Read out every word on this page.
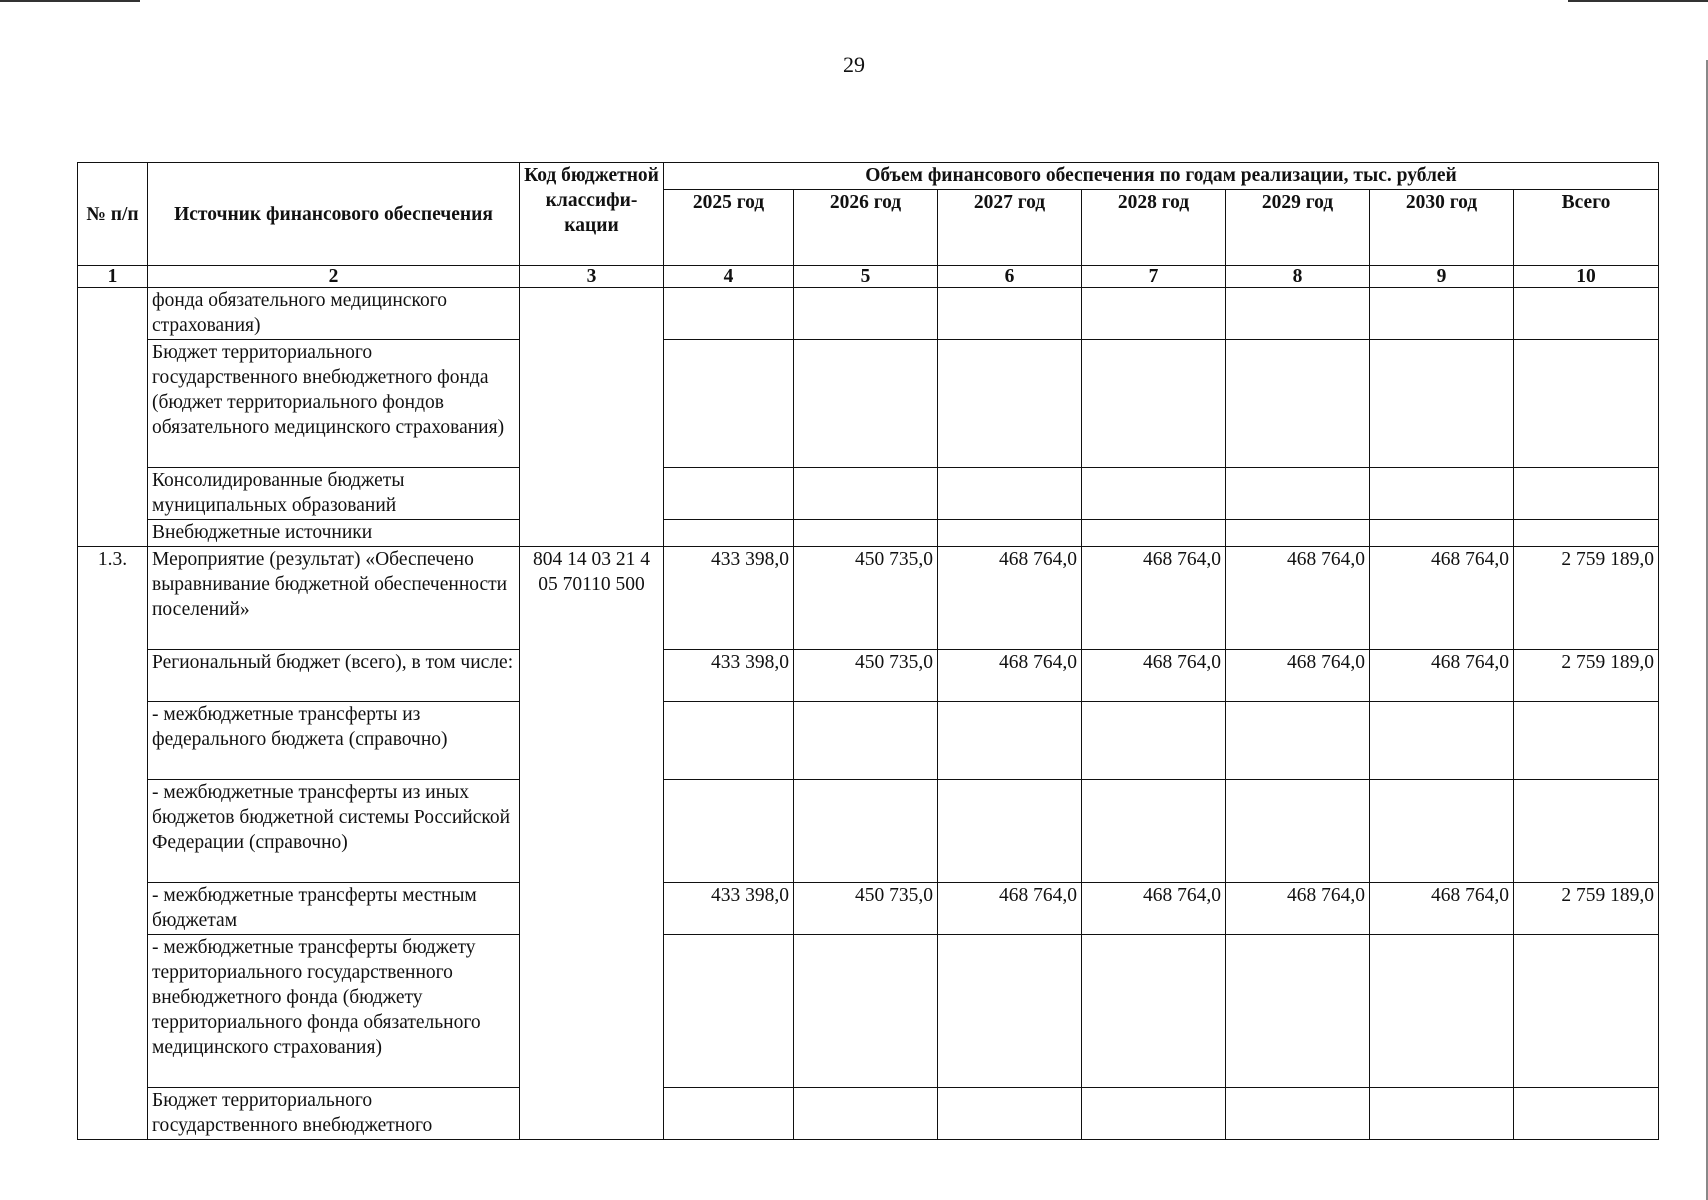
29
№ п/п	Источник финансового обеспечения	Код бюджетной классифи-кации	Объем финансового обеспечения по годам реализации, тыс. рублей						
			2025 год	2026 год	2027 год	2028 год	2029 год	2030 год	Всего
1	2	3	4	5	6	7	8	9	10
	фонда обязательного медицинского страхования)								
	Бюджет территориального государственного внебюджетного фонда (бюджет территориального фондов обязательного медицинского страхования)								
	Консолидированные бюджеты муниципальных образований								
	Внебюджетные источники								
1.3.	Мероприятие (результат) «Обеспечено выравнивание бюджетной обеспеченности поселений»	804 14 03 21 4 05 70110 500	433 398,0	450 735,0	468 764,0	468 764,0	468 764,0	468 764,0	2 759 189,0
	Региональный бюджет (всего), в том числе:		433 398,0	450 735,0	468 764,0	468 764,0	468 764,0	468 764,0	2 759 189,0
	- межбюджетные трансферты из федерального бюджета (справочно)								
	- межбюджетные трансферты из иных бюджетов бюджетной системы Российской Федерации (справочно)								
	- межбюджетные трансферты местным бюджетам		433 398,0	450 735,0	468 764,0	468 764,0	468 764,0	468 764,0	2 759 189,0
	- межбюджетные трансферты бюджету территориального государственного внебюджетного фонда (бюджету территориального фонда обязательного медицинского страхования)								
	Бюджет территориального государственного внебюджетного								
